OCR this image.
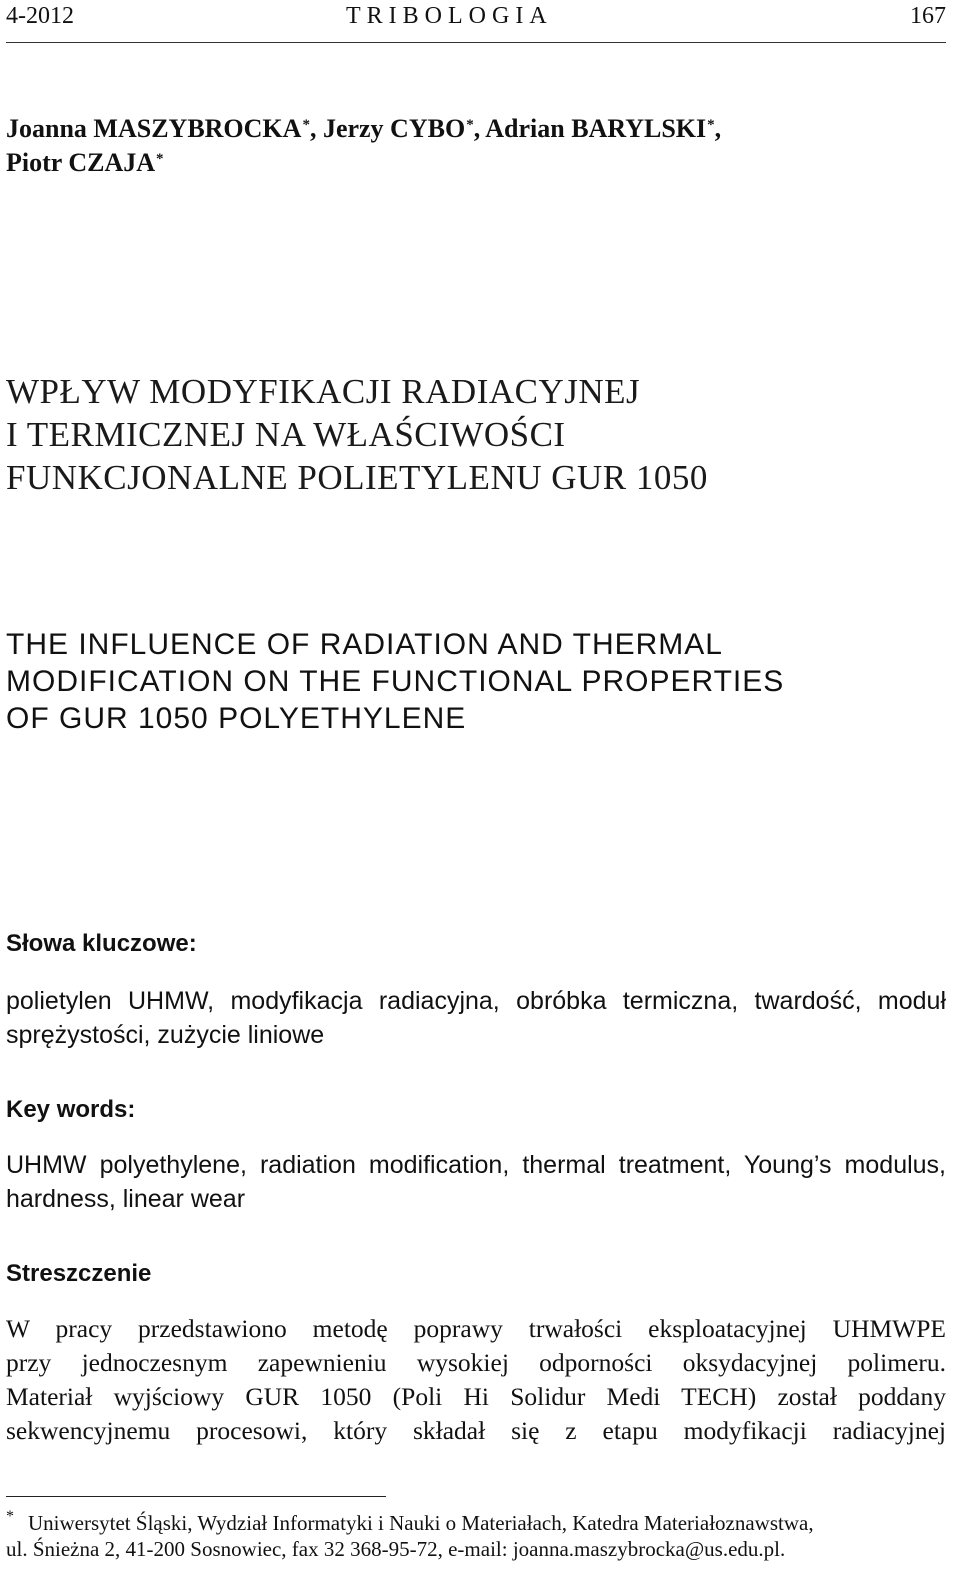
4-2012	TRIBOLOGIA	167
Joanna MASZYBROCKA*, Jerzy CYBO*, Adrian BARYLSKI*,
Piotr CZAJA*
WPŁYW MODYFIKACJI RADIACYJNEJ
I TERMICZNEJ NA WŁAŚCIWOŚCI
FUNKCJONALNE POLIETYLENU GUR 1050
THE INFLUENCE OF RADIATION AND THERMAL
MODIFICATION ON THE FUNCTIONAL PROPERTIES
OF GUR 1050 POLYETHYLENE
Słowa kluczowe:
polietylen UHMW, modyfikacja radiacyjna, obróbka termiczna, twardość, moduł sprężystości, zużycie liniowe
Key words:
UHMW polyethylene, radiation modification, thermal treatment, Young’s modulus, hardness, linear wear
Streszczenie
W pracy przedstawiono metodę poprawy trwałości eksploatacyjnej UHMWPE
przy jednoczesnym zapewnieniu wysokiej odporności oksydacyjnej polimeru.
Materiał wyjściowy GUR 1050 (Poli Hi Solidur Medi TECH) został poddany
sekwencyjnemu procesowi, który składał się z etapu modyfikacji radiacyjnej
* Uniwersytet Śląski, Wydział Informatyki i Nauki o Materiałach, Katedra Materiałoznawstwa,
ul. Śnieżna 2, 41-200 Sosnowiec, fax 32 368-95-72, e-mail: joanna.maszybrocka@us.edu.pl.
